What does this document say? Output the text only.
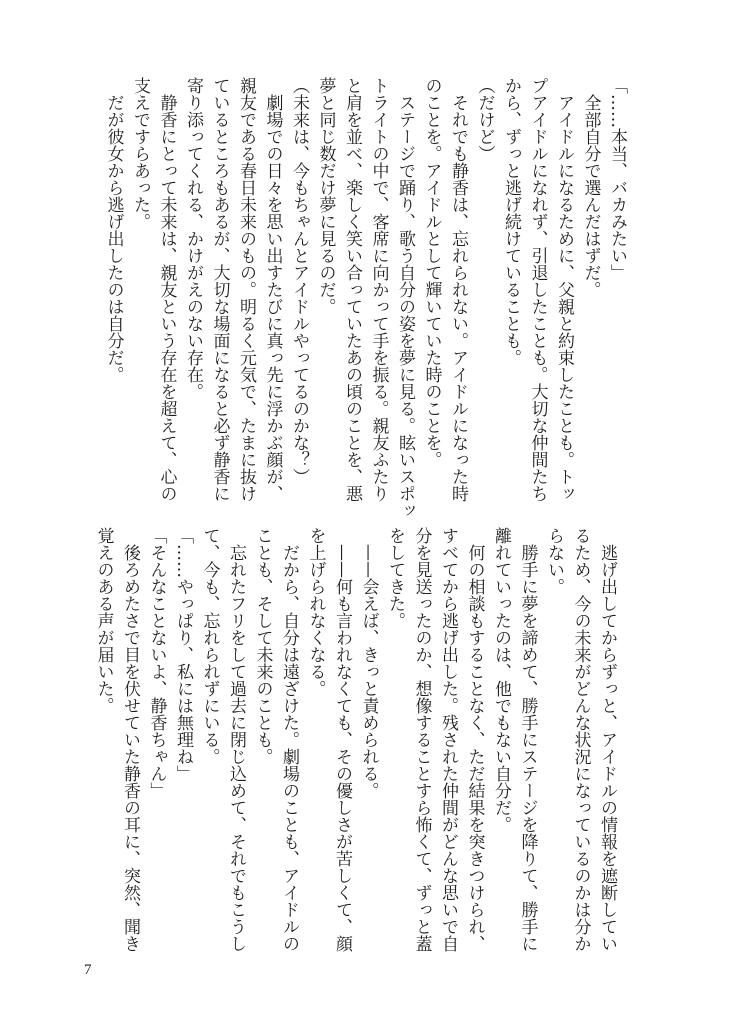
「……本当、バカみたい」
　全部自分で選んだはずだ。
　アイドルになるために、父親と約束したことも。トッ
プアイドルになれず、引退したことも。大切な仲間たち
から、ずっと逃げ続けていることも。
（だけど）
　それでも静香は、忘れられない。アイドルになった時
のことを。アイドルとして輝いていた時のことを。
　ステージで踊り、歌う自分の姿を夢に見る。眩いスポッ
トライトの中で、客席に向かって手を振る。親友ふたり
と肩を並べ、楽しく笑い合っていたあの頃のことを、悪
夢と同じ数だけ夢に見るのだ。
（未来は、今もちゃんとアイドルやってるのかな？）
　劇場での日々を思い出すたびに真っ先に浮かぶ顔が、
親友である春日未来のもの。明るく元気で、たまに抜け
ているところもあるが、大切な場面になると必ず静香に
寄り添ってくれる、かけがえのない存在。
　静香にとって未来は、親友という存在を超えて、心の
支えですらあった。
　だが彼女から逃げ出したのは自分だ。
　逃げ出してからずっと、アイドルの情報を遮断してい
るため、今の未来がどんな状況になっているのかは分か
らない。
　勝手に夢を諦めて、勝手にステージを降りて、勝手に
離れていったのは、他でもない自分だ。
　何の相談もすることなく、ただ結果を突きつけられ、
すべてから逃げ出した。残された仲間がどんな思いで自
分を見送ったのか、想像することすら怖くて、ずっと蓋
をしてきた。
　——会えば、きっと責められる。
　——何も言われなくても、その優しさが苦しくて、顔
を上げられなくなる。
　だから、自分は遠ざけた。劇場のことも、アイドルの
ことも、そして未来のことも。
　忘れたフリをして過去に閉じ込めて、それでもこうし
て、今も、忘れられずにいる。
「……やっぱり、私には無理ね」
「そんなことないよ、静香ちゃん」
　後ろめたさで目を伏せていた静香の耳に、突然、聞き
覚えのある声が届いた。
7
